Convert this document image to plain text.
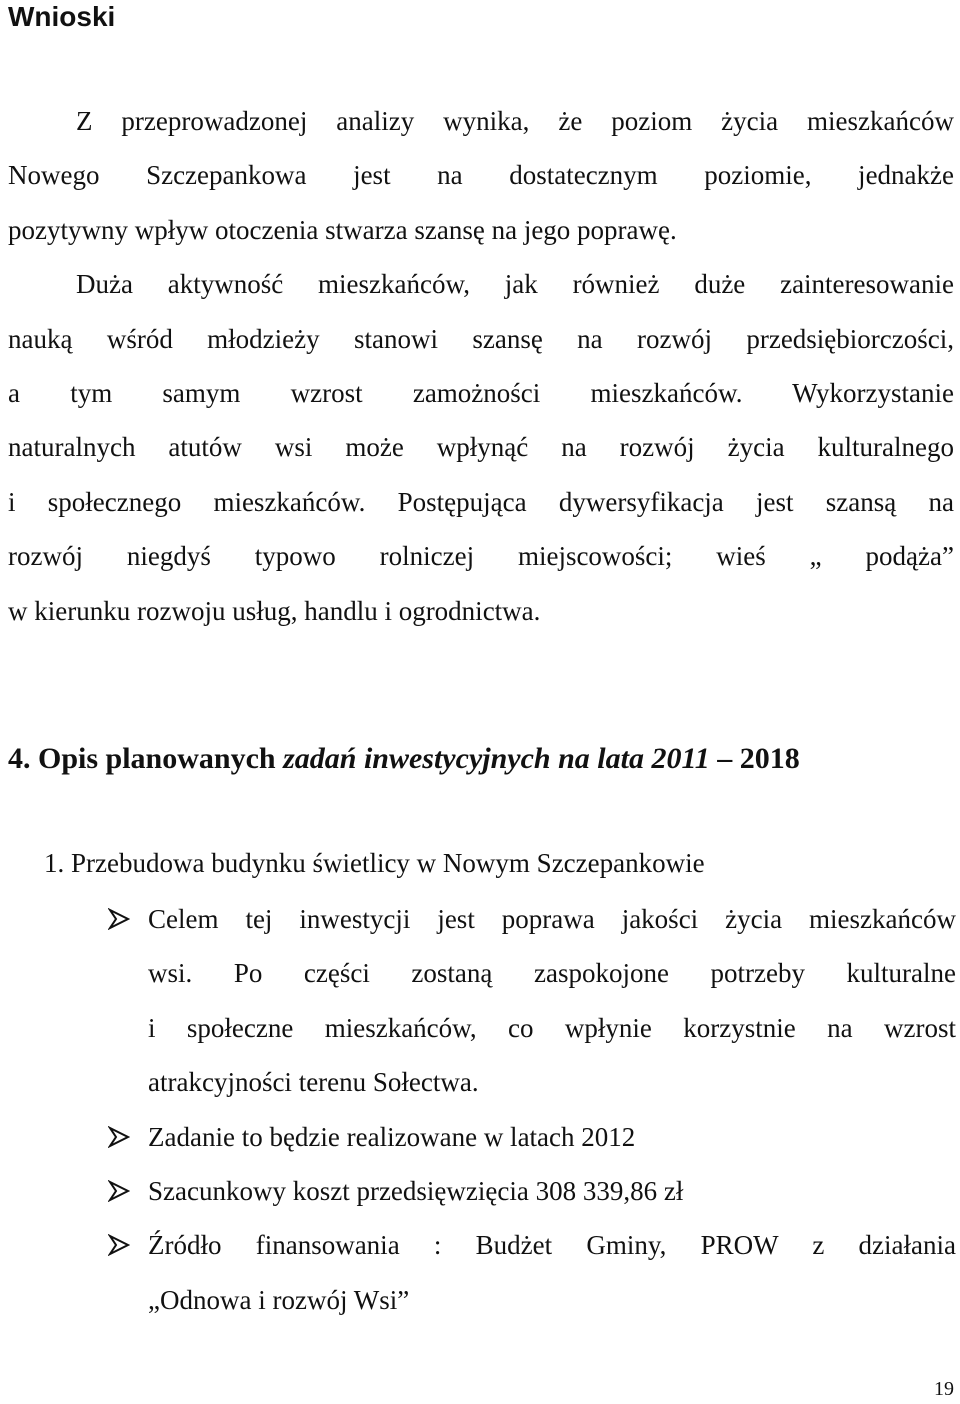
Wnioski
Z przeprowadzonej analizy wynika, że poziom życia mieszkańców
Nowego Szczepankowa jest na dostatecznym poziomie, jednakże
pozytywny wpływ otoczenia stwarza szansę na jego poprawę.
Duża aktywność mieszkańców, jak również duże zainteresowanie
nauką wśród młodzieży stanowi szansę na rozwój przedsiębiorczości,
a tym samym wzrost zamożności mieszkańców. Wykorzystanie
naturalnych atutów wsi może wpłynąć na rozwój życia kulturalnego
i społecznego mieszkańców. Postępująca dywersyfikacja jest szansą na
rozwój niegdyś typowo rolniczej miejscowości; wieś „ podąża”
w kierunku rozwoju usług, handlu i ogrodnictwa.
4. Opis planowanych zadań inwestycyjnych na lata 2011 – 2018
1. Przebudowa budynku świetlicy w Nowym Szczepankowie
Celem tej inwestycji jest poprawa jakości życia mieszkańców
wsi. Po części zostaną zaspokojone potrzeby kulturalne
i społeczne mieszkańców, co wpłynie korzystnie na wzrost
atrakcyjności terenu Sołectwa.
Zadanie to będzie realizowane w latach 2012
Szacunkowy koszt przedsięwzięcia 308 339,86 zł
Źródło finansowania : Budżet Gminy, PROW z działania
„Odnowa i rozwój Wsi”
19
